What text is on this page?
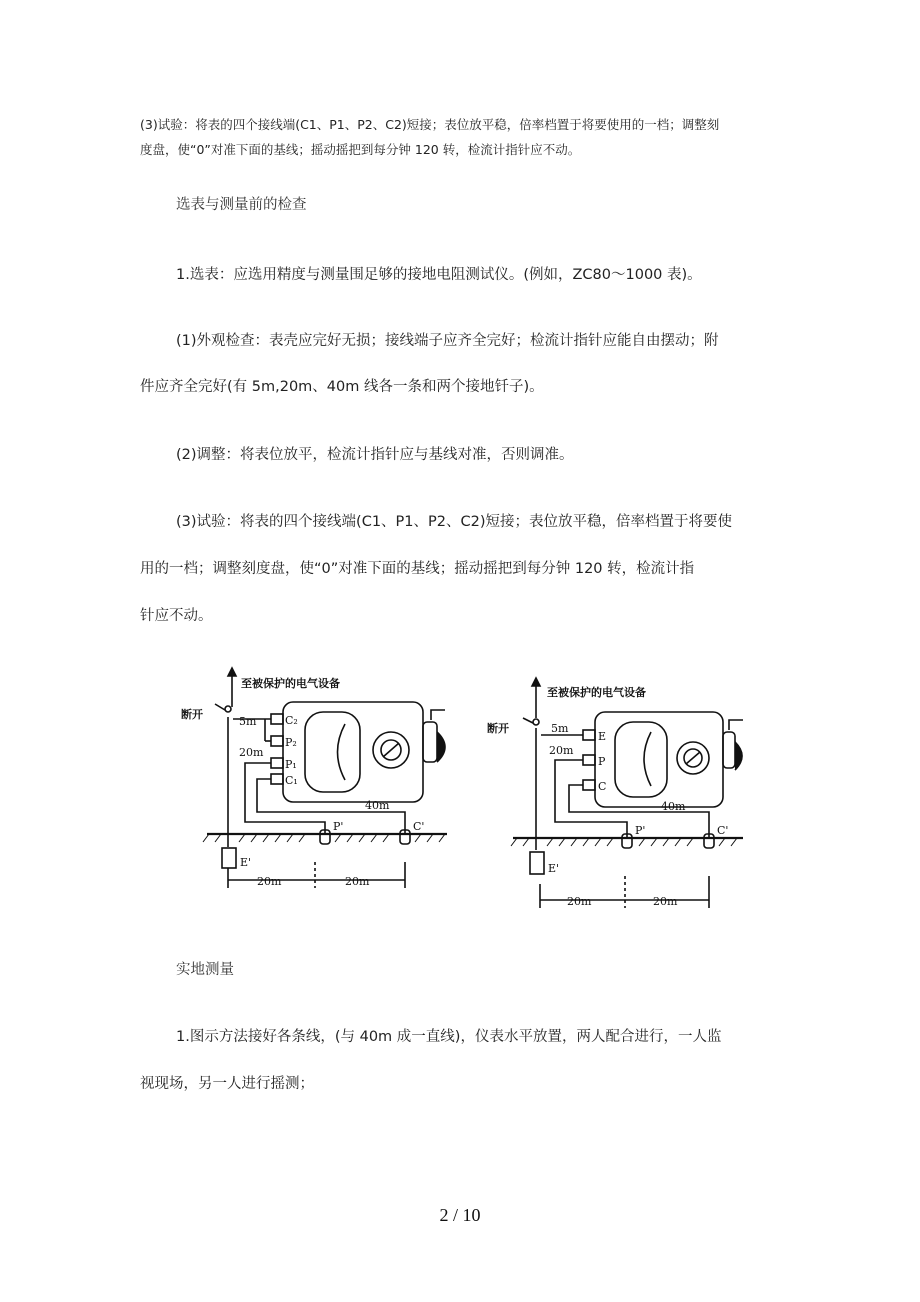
(3)试验：将表的四个接线端(C1、P1、P2、C2)短接；表位放平稳，倍率档置于将要使用的一档；调整刻
度盘，使“0”对准下面的基线；摇动摇把到每分钟 120 转，检流计指针应不动。
选表与测量前的检查
1.选表：应选用精度与测量围足够的接地电阻测试仪。(例如，ZC80～1000 表)。
(1)外观检查：表壳应完好无损；接线端子应齐全完好；检流计指针应能自由摆动；附
件应齐全完好(有 5m,20m、40m 线各一条和两个接地钎子)。
(2)调整：将表位放平，检流计指针应与基线对准，否则调准。
(3)试验：将表的四个接线端(C1、P1、P2、C2)短接；表位放平稳，倍率档置于将要使
用的一档；调整刻度盘，使“0”对准下面的基线；摇动摇把到每分钟 120 转，检流计指
针应不动。
至被保护的电气设备
断开
5m
20m
40m
C₂
P₂
P₁
C₁
P'	C'
E'
20m	20m
至被保护的电气设备
断开	5m
20m
40m
E
P
C
P'	C'
E'
20m	20m
实地测量
1.图示方法接好各条线，(与 40m 成一直线)，仪表水平放置，两人配合进行，一人监
视现场，另一人进行摇测；
2 / 10
